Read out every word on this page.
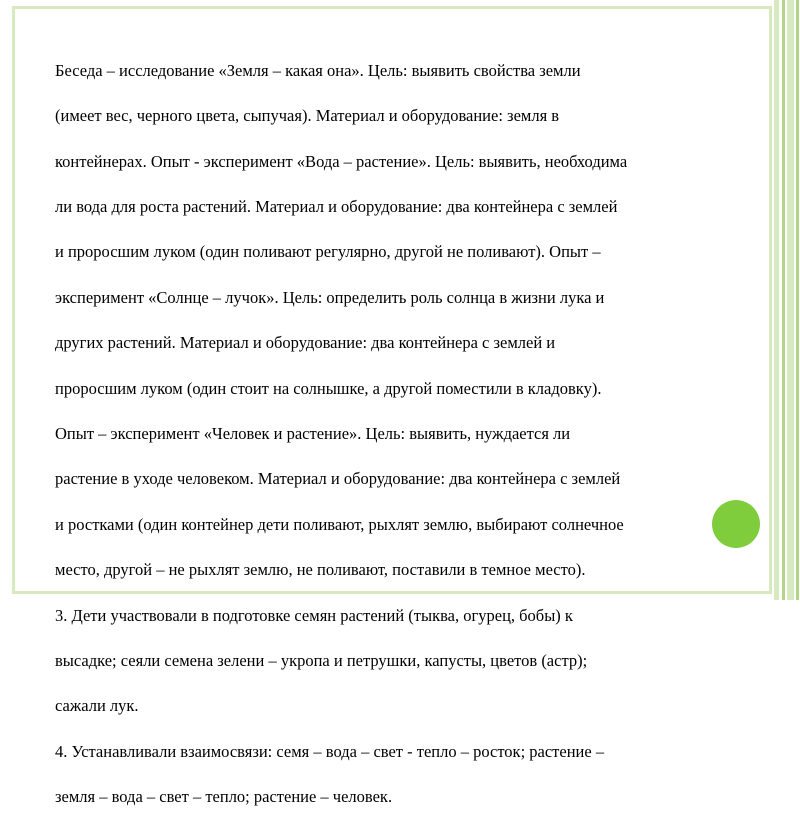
Беседа – исследование «Земля – какая она». Цель: выявить свойства земли

(имеет вес, черного цвета, сыпучая). Материал и оборудование: земля в

контейнерах. Опыт - эксперимент «Вода – растение». Цель: выявить, необходима

ли вода для роста растений. Материал и оборудование: два контейнера с землей

и проросшим луком (один поливают регулярно, другой не поливают). Опыт –

эксперимент «Солнце – лучок». Цель: определить роль солнца в жизни лука и

других растений. Материал и оборудование: два контейнера с землей и

проросшим луком (один стоит на солнышке, а другой поместили в кладовку).

Опыт – эксперимент «Человек и растение». Цель: выявить, нуждается ли

растение в уходе человеком. Материал и оборудование: два контейнера с землей

и ростками (один контейнер дети поливают, рыхлят землю, выбирают солнечное

место, другой – не рыхлят землю, не поливают, поставили в темное место).

3. Дети участвовали в подготовке семян растений (тыква, огурец, бобы) к

высадке; сеяли семена зелени – укропа и петрушки, капусты, цветов (астр);

сажали лук.

4. Устанавливали взаимосвязи: семя – вода – свет - тепло – росток; растение –

земля – вода – свет – тепло; растение – человек.
